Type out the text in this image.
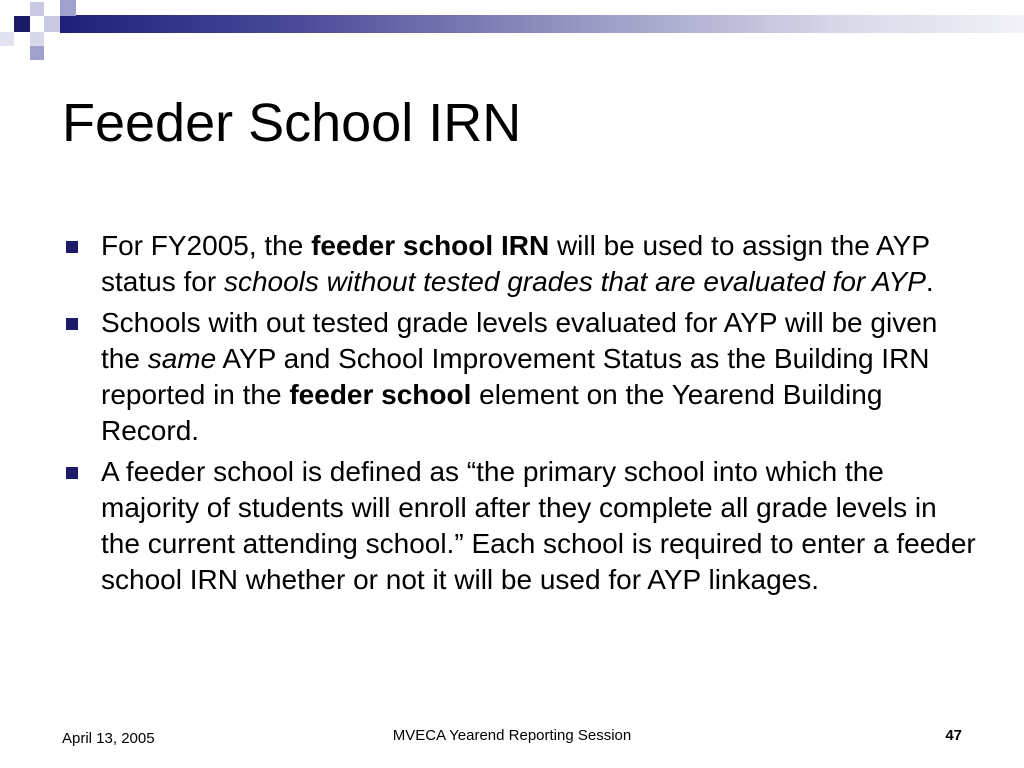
Feeder School IRN
For FY2005, the feeder school IRN will be used to assign the AYP status for schools without tested grades that are evaluated for AYP.
Schools with out tested grade levels evaluated for AYP will be given the same AYP and School Improvement Status as the Building IRN reported in the feeder school element on the Yearend Building Record.
A feeder school is defined as “the primary school into which the majority of students will enroll after they complete all grade levels in the current attending school.” Each school is required to enter a feeder school IRN whether or not it will be used for AYP linkages.
April 13, 2005	MVECA Yearend Reporting Session	47
